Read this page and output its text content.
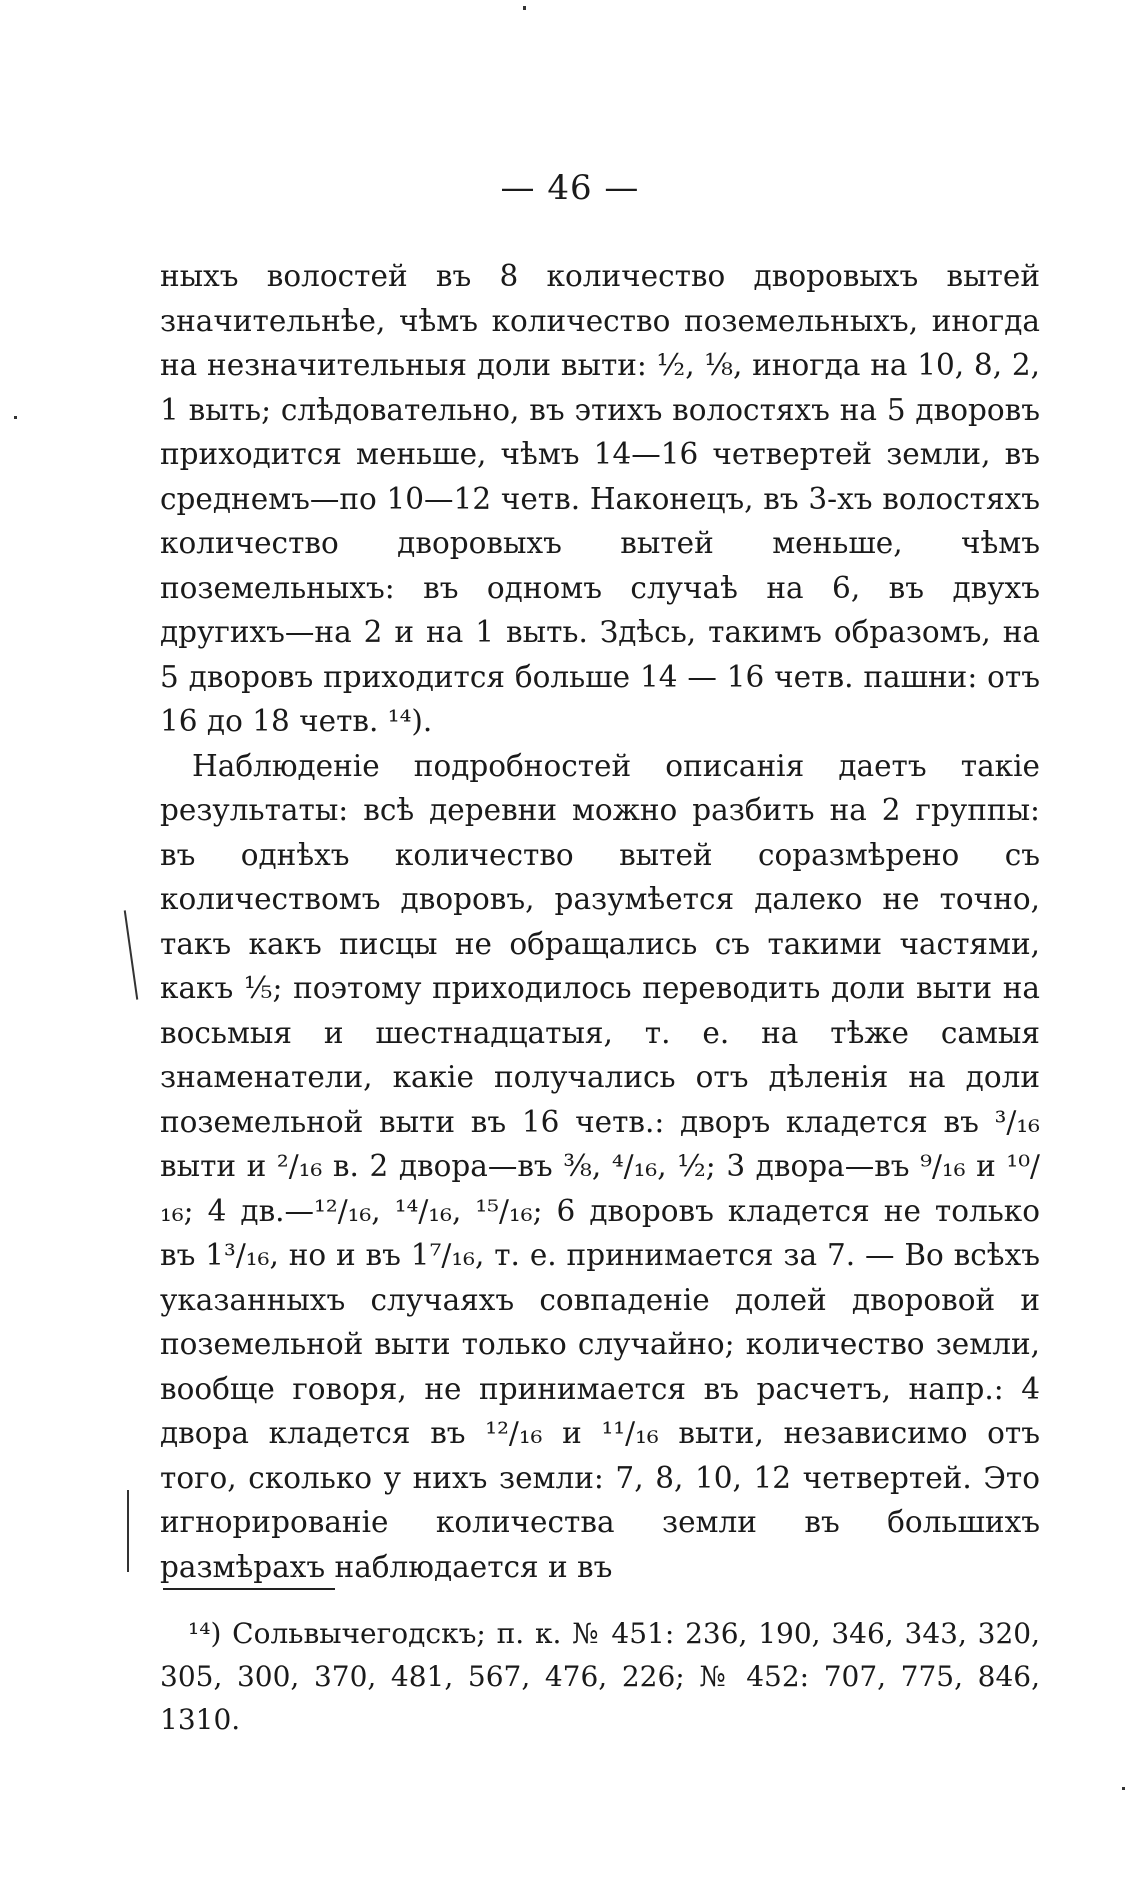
— 46 —

ныхъ волостей въ 8 количество дворовыхъ вытей значительнѣе, чѣмъ количество поземельныхъ, иногда на незначительныя доли выти: ½, ⅛, иногда на 10, 8, 2, 1 выть; слѣдовательно, въ этихъ волостяхъ на 5 дворовъ приходится меньше, чѣмъ 14—16 четвертей земли, въ среднемъ—по 10—12 четв. Наконецъ, въ 3-хъ волостяхъ количество дворовыхъ вытей меньше, чѣмъ поземельныхъ: въ одномъ случаѣ на 6, въ двухъ другихъ—на 2 и на 1 выть. Здѣсь, такимъ образомъ, на 5 дворовъ приходится больше 14 — 16 четв. пашни: отъ 16 до 18 четв. ¹⁴).

Наблюденіе подробностей описанія даетъ такіе результаты: всѣ деревни можно разбить на 2 группы: въ однѣхъ количество вытей соразмѣрено съ количествомъ дворовъ, разумѣется далеко не точно, такъ какъ писцы не обращались съ такими частями, какъ ⅕; поэтому приходилось переводить доли выти на восьмыя и шестнадцатыя, т. е. на тѣже самыя знаменатели, какіе получались отъ дѣленія на доли поземельной выти въ 16 четв.: дворъ кладется въ ³/₁₆ выти и ²/₁₆ в. 2 двора—въ ⅜, ⁴/₁₆, ½; 3 двора—въ ⁹/₁₆ и ¹⁰/₁₆; 4 дв.—¹²/₁₆, ¹⁴/₁₆, ¹⁵/₁₆; 6 дворовъ кладется не только въ 1³/₁₆, но и въ 1⁷/₁₆, т. е. принимается за 7. — Во всѣхъ указанныхъ случаяхъ совпаденіе долей дворовой и поземельной выти только случайно; количество земли, вообще говоря, не принимается въ расчетъ, напр.: 4 двора кладется въ ¹²/₁₆ и ¹¹/₁₆ выти, независимо отъ того, сколько у нихъ земли: 7, 8, 10, 12 четвертей. Это игнорированіе количества земли въ большихъ размѣрахъ наблюдается и въ

¹⁴) Сольвычегодскъ; п. к. № 451: 236, 190, 346, 343, 320, 305, 300, 370, 481, 567, 476, 226; № 452: 707, 775, 846, 1310.
